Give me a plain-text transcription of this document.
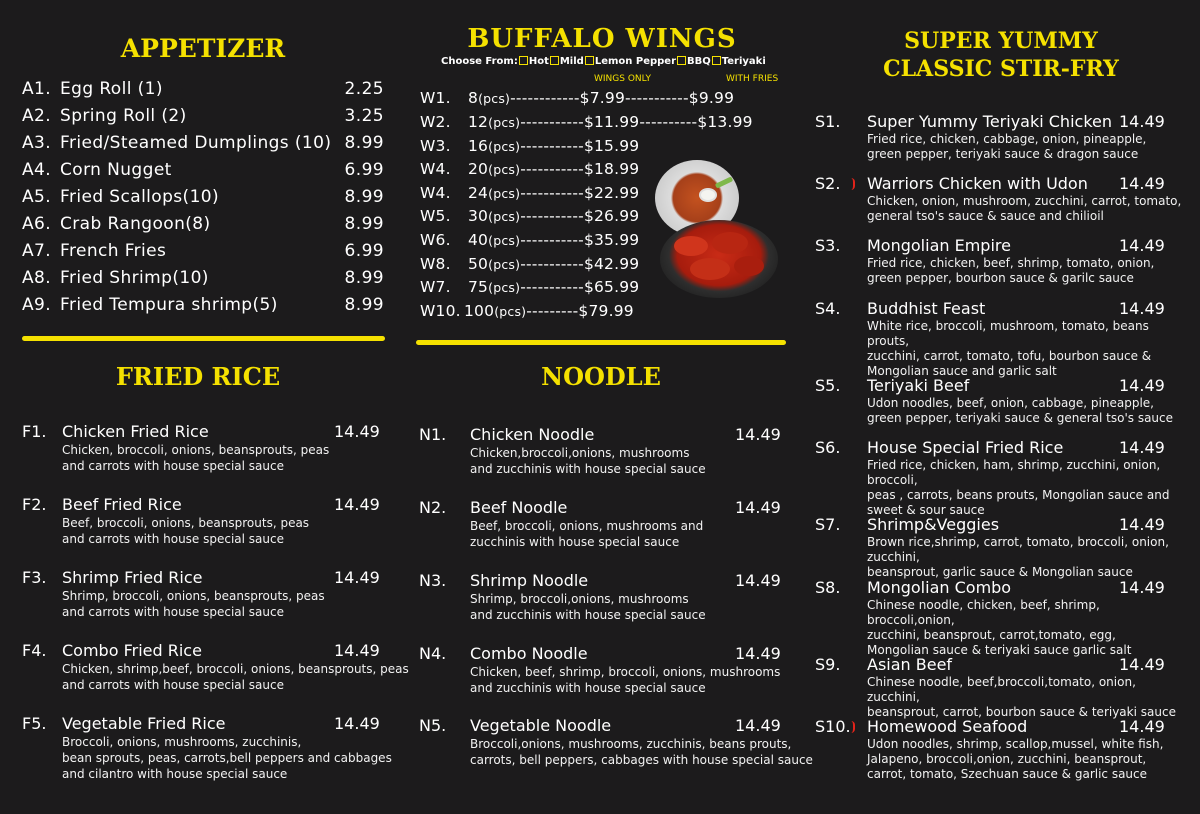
APPETIZER
A1. Egg Roll (1)	2.25
A2. Spring Roll (2)	3.25
A3. Fried/Steamed Dumplings (10) 8.99
A4. Corn Nugget	6.99
A5. Fried Scallops(10)	8.99
A6. Crab Rangoon(8)	8.99
A7. French Fries	6.99
A8. Fried Shrimp(10)	8.99
A9. Fried Tempura shrimp(5)	8.99
FRIED RICE
F1. Chicken Fried Rice	14.49
Chicken, broccoli, onions, beansprouts, peas
and carrots with house special sauce
F2. Beef Fried Rice	14.49
Beef, broccoli, onions, beansprouts, peas
and carrots with house special sauce
F3. Shrimp Fried Rice	14.49
Shrimp, broccoli, onions, beansprouts, peas
and carrots with house special sauce
F4. Combo Fried Rice	14.49
Chicken, shrimp,beef, broccoli, onions, beansprouts, peas
and carrots with house special sauce
F5. Vegetable Fried Rice	14.49
Broccoli, onions, mushrooms, zucchinis,
bean sprouts, peas, carrots,bell peppers and cabbages
and cilantro with house special sauce
BUFFALO WINGS
Choose From: Hot Mild Lemon Pepper BBQ Teriyaki
WINGS ONLY	WITH FRIES
W1. 8(pcs)------------$7.99-----------$9.99
W2. 12(pcs)-----------$11.99----------$13.99
W3. 16(pcs)-----------$15.99
W4. 20(pcs)-----------$18.99
W4. 24(pcs)-----------$22.99
W5. 30(pcs)-----------$26.99
W6. 40(pcs)-----------$35.99
W8. 50(pcs)-----------$42.99
W7. 75(pcs)-----------$65.99
W10. 100(pcs)---------$79.99
NOODLE
N1.	Chicken Noodle	14.49
Chicken,broccoli,onions, mushrooms
and zucchinis with house special sauce
N2.	Beef Noodle	14.49
Beef, broccoli, onions, mushrooms and
zucchinis with house special sauce
N3.	Shrimp Noodle	14.49
Shrimp, broccoli,onions, mushrooms
and zucchinis with house special sauce
N4.	Combo Noodle	14.49
Chicken, beef, shrimp, broccoli, onions, mushrooms
and zucchinis with house special sauce
N5.	Vegetable Noodle	14.49
Broccoli,onions, mushrooms, zucchinis, beans prouts,
carrots, bell peppers, cabbages with house special sauce
SUPER YUMMY
CLASSIC STIR-FRY
S1.	Super Yummy Teriyaki Chicken 14.49
Fried rice, chicken, cabbage, onion, pineapple,
green pepper, teriyaki sauce & dragon sauce
S2.	Warriors Chicken with Udon	14.49
Chicken, onion, mushroom, zucchini, carrot, tomato,
general tso's sauce & sauce and chilioil
S3.	Mongolian Empire	14.49
Fried rice, chicken, beef, shrimp, tomato, onion,
green pepper, bourbon sauce & garilc sauce
S4.	Buddhist Feast	14.49
White rice, broccoli, mushroom, tomato, beans prouts,
zucchini, carrot, tomato, tofu, bourbon sauce &
Mongolian sauce and garlic salt
S5.	Teriyaki Beef	14.49
Udon noodles, beef, onion, cabbage, pineapple,
green pepper, teriyaki sauce & general tso's sauce
S6.	House Special Fried Rice	14.49
Fried rice, chicken, ham, shrimp, zucchini, onion, broccoli,
peas , carrots, beans prouts, Mongolian sauce and
sweet & sour sauce
S7.	Shrimp&Veggies	14.49
Brown rice,shrimp, carrot, tomato, broccoli, onion, zucchini,
beansprout, garlic sauce & Mongolian sauce
S8.	Mongolian Combo	14.49
Chinese noodle, chicken, beef, shrimp, broccoli,onion,
zucchini, beansprout, carrot,tomato, egg,
Mongolian sauce & teriyaki sauce garlic salt
S9.	Asian Beef	14.49
Chinese noodle, beef,broccoli,tomato, onion, zucchini,
beansprout, carrot, bourbon sauce & teriyaki sauce
S10.	Homewood Seafood	14.49
Udon noodles, shrimp, scallop,mussel, white fish,
Jalapeno, broccoli,onion, zucchini, beansprout,
carrot, tomato, Szechuan sauce & garlic sauce
